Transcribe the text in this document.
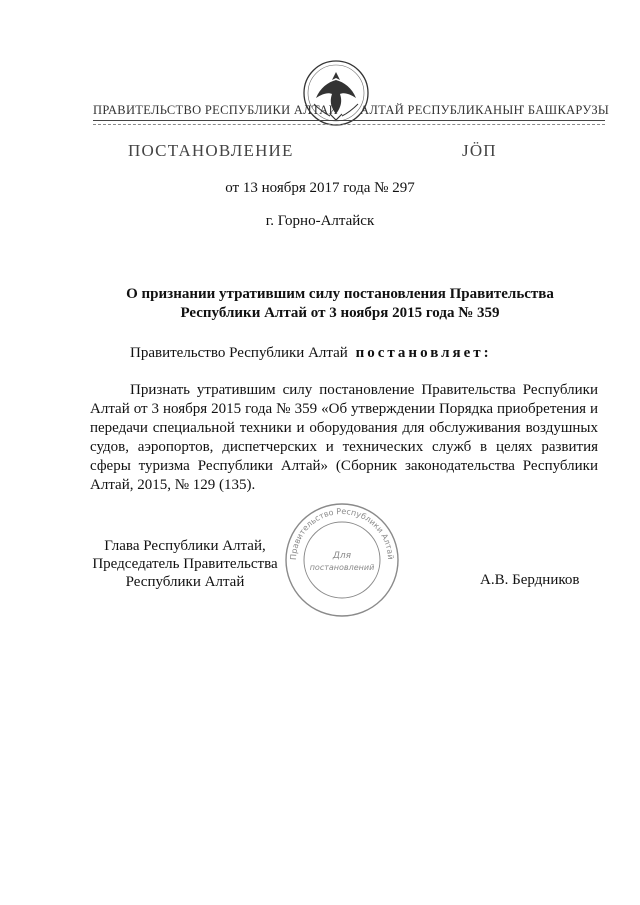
ПРАВИТЕЛЬСТВО РЕСПУБЛИКИ АЛТАЙ АЛТАЙ РЕСПУБЛИКАНЫҤ БАШКАРУЗЫ
ПОСТАНОВЛЕНИЕ	JӦП
от 13 ноября 2017 года № 297
г. Горно-Алтайск
О признании утратившим силу постановления Правительства
Республики Алтай от 3 ноября 2015 года № 359
Правительство Республики Алтай постановляет:
Признать утратившим силу постановление Правительства Республики Алтай от 3 ноября 2015 года № 359 «Об утверждении Порядка приобретения и передачи специальной техники и оборудования для обслуживания воздушных судов, аэропортов, диспетчерских и технических служб в целях развития сферы туризма Республики Алтай» (Сборник законодательства Республики Алтай, 2015, № 129 (135).
Глава Республики Алтай,
Председатель Правительства
Республики Алтай
Правительство Республики Алтай
Для
постановлений
А.В. Бердников
